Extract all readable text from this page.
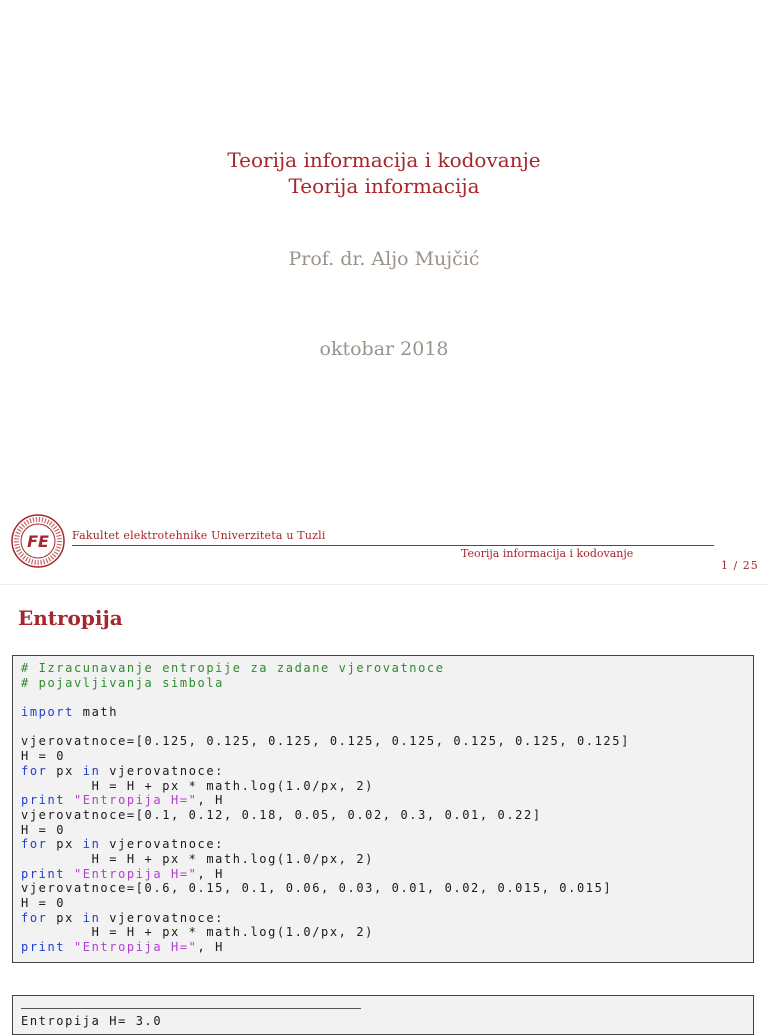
Teorija informacija i kodovanje
Teorija informacija
Prof. dr. Aljo Mujčić
oktobar 2018
FE Fakultet elektrotehnike Univerziteta u Tuzli
Teorija informacija i kodovanje
1 / 25
Entropija
# Izracunavanje entropije za zadane vjerovatnoce
# pojavljivanja simbola
import math
vjerovatnoce=[0.125, 0.125, 0.125, 0.125, 0.125, 0.125, 0.125, 0.125]
H = 0
for px in vjerovatnoce:
H = H + px * math.log(1.0/px, 2)
print "Entropija H=", H
vjerovatnoce=[0.1, 0.12, 0.18, 0.05, 0.02, 0.3, 0.01, 0.22]
H = 0
for px in vjerovatnoce:
H = H + px * math.log(1.0/px, 2)
print "Entropija H=", H
vjerovatnoce=[0.6, 0.15, 0.1, 0.06, 0.03, 0.01, 0.02, 0.015, 0.015]
H = 0
for px in vjerovatnoce:
H = H + px * math.log(1.0/px, 2)
print "Entropija H=", H
Entropija H= 3.0
